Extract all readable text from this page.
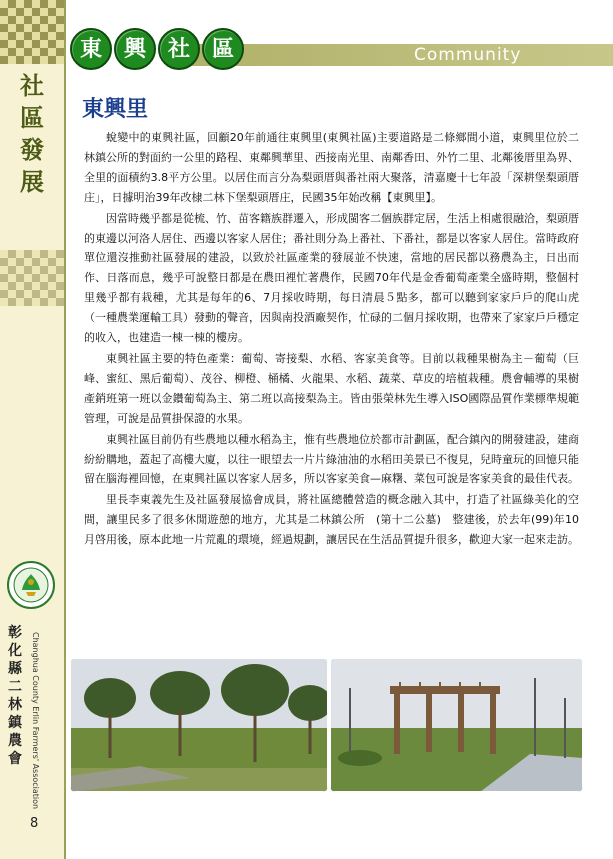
社
區
發
展
彰
化
縣
二
林
鎮
農
會 Changhua County Erlin Farmers' Association
8
Community development
東 興 社 區
東興里

蛻變中的東興社區，回顧20年前通往東興里(東興社區)主要道路是二條鄉間小道，東興里位於二林鎮公所的對面約一公里的路程、東鄰興華里、西接南光里、南鄰香田、外竹二里、北鄰後厝里為界、全里的面積約3.8平方公里。以居住而言分為梨頭厝與番社兩大聚落，清嘉慶十七年設「深耕堡梨頭厝庄」，日據明治39年改棣二林下堡梨頭厝庄，民國35年始改稱【東興里】。

因當時幾乎都是從梳、竹、苗客籍族群遷入，形成閩客二個族群定居，生活上相處很融洽，梨頭厝的東邊以河洛人居住、西邊以客家人居住；番社則分為上番社、下番社，都是以客家人居住。當時政府單位還沒推動社區發展的建設，以致於社區產業的發展並不快速，當地的居民都以務農為主，日出而作、日落而息，幾乎可說整日都是在農田裡忙著農作，民國70年代是金香葡萄產業全盛時期，整個村里幾乎都有栽種，尤其是每年的6、7月採收時期，每日清晨５點多，都可以聽到家家戶戶的爬山虎（一種農業運輸工具）發動的聲音，因與南投酒廠契作，忙碌的二個月採收期，也帶來了家家戶戶穩定的收入，也建造一棟一棟的樓房。

東興社區主要的特色產業：葡萄、寄接梨、水稻、客家美食等。目前以栽種果樹為主－葡萄（巨峰、蜜紅、黑后葡萄）、茂谷、柳橙、桶橘、火龍果、水稻、蔬菜、草皮的培植栽種。農會輔導的果樹產銷班第一班以金鑽葡萄為主、第二班以高接梨為主。皆由張榮林先生導入ISO國際品質作業標準規範管理，可說是品質掛保證的水果。

東興社區目前仍有些農地以種水稻為主，惟有些農地位於都市計劃區，配合鎮內的開發建設，建商紛紛購地，蓋起了高樓大廈，以往一眼望去一片片綠油油的水稻田美景已不復見，兒時童玩的回憶只能留在腦海裡回憶，在東興社區以客家人居多，所以客家美食—麻糬、菜包可說是客家美食的最佳代表。

里長李東義先生及社區發展協會成員，將社區總體營造的概念融入其中，打造了社區綠美化的空間，讓里民多了很多休閒遊憩的地方，尤其是二林鎮公所　(第十二公墓)　整建後，於去年(99)年10月啓用後，原本此地一片荒亂的環境，經過規劃，讓居民在生活品質提升很多，歡迎大家一起來走訪。
